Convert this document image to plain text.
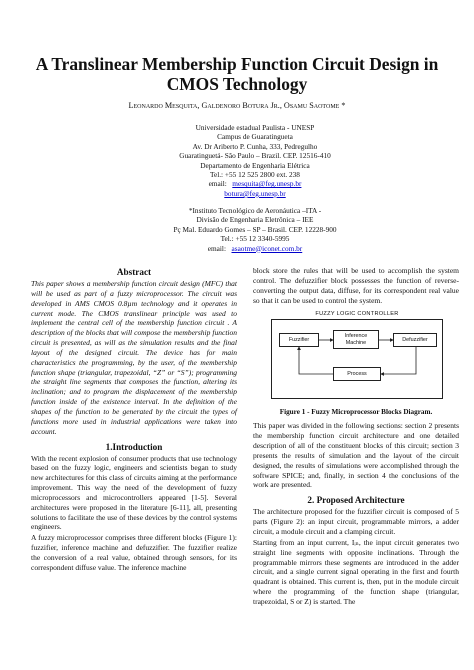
A Translinear Membership Function Circuit Design in
CMOS Technology
Leonardo Mesquita, Galdenoro Botura Jr., Osamu Saotome *
Universidade estadual Paulista - UNESP
Campus de Guaratingueta
Av. Dr Ariberto P. Cunha, 333, Pedregulho
Guaratinguetá- São Paulo – Brazil. CEP. 12516-410
Departamento de Engenharia Elétrica
Tel.: +55 12 525 2800 ext. 238
email: mesquita@feg.unesp.br
botura@feg.unesp.br
*Instituto Tecnológico de Aeronáutica –ITA -
Divisão de Engenharia Eletrônica – IEE
Pç Mal. Eduardo Gomes – SP – Brasil. CEP. 12228-900
Tel.: +55 12 3340-5995
email: asaotme@iconet.com.br
Abstract
This paper shows a membership function circuit design (MFC) that will be used as part of a fuzzy microprocessor. The circuit was developed in AMS CMOS 0.8µm technology and it operates in current mode. The CMOS translinear principle was used to implement the central cell of the membership function circuit . A description of the blocks that will compose the membership function circuit is presented, as will as the simulation results and the final layout of the designed circuit. The device has for main characteristics the programming, by the user, of the membership function shape (triangular, trapezoidal, “Z” or “S”); programming the straight line segments that composes the function, altering its inclination; and to program the displacement of the membership function inside of the existence interval. In the definition of the shapes of the function to be generated by the circuit the types of functions more used in industrial applications were taken into account.
1.Introduction
With the recent explosion of consumer products that use technology based on the fuzzy logic, engineers and scientists began to study new architectures for this class of circuits aiming at the performance improvement. This way the need of the development of fuzzy microprocessors and microcontrollers appeared [1-5]. Several architectures were proposed in the literature [6-11], all, presenting solutions to facilitate the use of these devices by the control systems engineers.
A fuzzy microprocessor comprises three different blocks (Figure 1): fuzzifier, inference machine and defuzzifier. The fuzzifier realize the conversion of a real value, obtained through sensors, for its correspondent diffuse value. The inference machine
block store the rules that will be used to accomplish the system control. The defuzzifier block possesses the function of reverse-converting the output data, diffuse, for its correspondent real value so that it can be used to control the system.
FUZZY LOGIC CONTROLLER
Fuzzifier
Inference Machine	Defuzzifier
Process
Figure 1 - Fuzzy Microprocessor Blocks Diagram.
This paper was divided in the following sections: section 2 presents the membership function circuit architecture and one detailed description of all of the constituent blocks of this circuit; section 3 presents the results of simulation and the layout of the circuit designed, the results of simulations were accomplished through the software SPICE; and, finally, in section 4 the conclusions of the work are presented.
2. Proposed Architecture
The architecture proposed for the fuzzifier circuit is composed of 5 parts (Figure 2): an input circuit, programmable mirrors, a adder circuit, a module circuit and a clamping circuit.
Starting from an input current, Iᵢₙ, the input circuit generates two straight line segments with opposite inclinations. Through the programmable mirrors these segments are introduced in the adder circuit, and a single current signal operating in the first and fourth quadrant is obtained. This current is, then, put in the module circuit where the programming of the function shape (triangular, trapezoidal, S or Z) is started. The
